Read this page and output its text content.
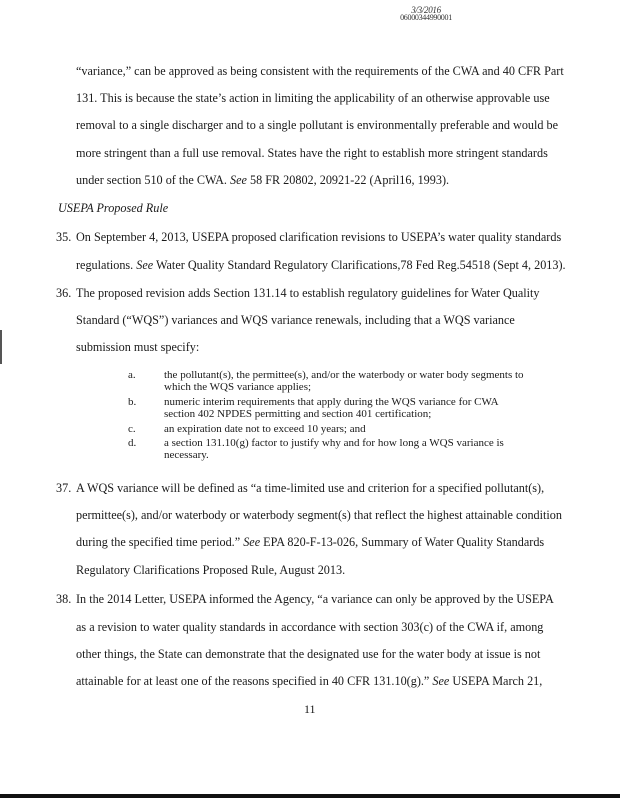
3/3/2016
06000344990001
“variance,” can be approved as being consistent with the requirements of the CWA and 40 CFR Part
131. This is because the state’s action in limiting the applicability of an otherwise approvable use
removal to a single discharger and to a single pollutant is environmentally preferable and would be
more stringent than a full use removal. States have the right to establish more stringent standards
under section 510 of the CWA. See 58 FR 20802, 20921-22 (April16, 1993).
USEPA Proposed Rule
35. On September 4, 2013, USEPA proposed clarification revisions to USEPA’s water quality standards
regulations. See Water Quality Standard Regulatory Clarifications,78 Fed Reg.54518 (Sept 4, 2013).
36. The proposed revision adds Section 131.14 to establish regulatory guidelines for Water Quality
Standard (“WQS”) variances and WQS variance renewals, including that a WQS variance
submission must specify:
a.	the pollutant(s), the permittee(s), and/or the waterbody or water body segments to
which the WQS variance applies;
b.	numeric interim requirements that apply during the WQS variance for CWA
section 402 NPDES permitting and section 401 certification;
c.	an expiration date not to exceed 10 years; and
d.	a section 131.10(g) factor to justify why and for how long a WQS variance is
necessary.
37. A WQS variance will be defined as “a time-limited use and criterion for a specified pollutant(s),
permittee(s), and/or waterbody or waterbody segment(s) that reflect the highest attainable condition
during the specified time period.” See EPA 820-F-13-026, Summary of Water Quality Standards
Regulatory Clarifications Proposed Rule, August 2013.
38. In the 2014 Letter, USEPA informed the Agency, “a variance can only be approved by the USEPA
as a revision to water quality standards in accordance with section 303(c) of the CWA if, among
other things, the State can demonstrate that the designated use for the water body at issue is not
attainable for at least one of the reasons specified in 40 CFR 131.10(g).” See USEPA March 21,
11
